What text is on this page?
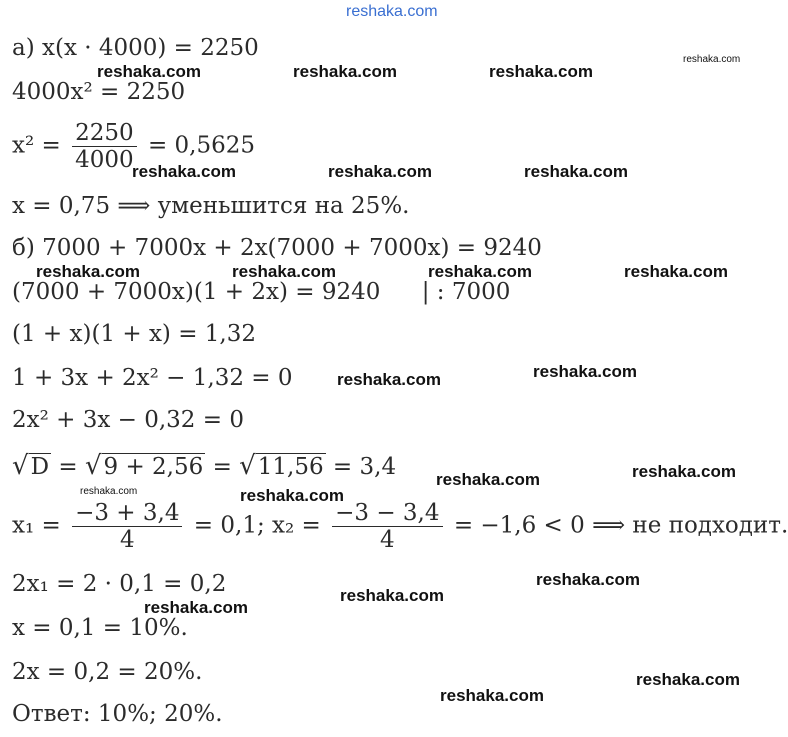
reshaka.com
а) x(x · 4000) = 2250
4000x² = 2250
$x^2 = \frac{2250}{4000} = 0,5625$
x = 0,75 ⟹ уменьшится на 25%.
б) 7000 + 7000x + 2x(7000 + 7000x) = 9240
(7000 + 7000x)(1 + 2x) = 9240 | : 7000
(1 + x)(1 + x) = 1,32
1 + 3x + 2x² − 1,32 = 0
2x² + 3x − 0,32 = 0
√D = √9 + 2,56 = √11,56 = 3,4
$x_1 = \frac{-3 + 3,4}{4} = 0,1$; $x_2 = \frac{-3 - 3,4}{4} = -1,6 < 0$ ⟹ не подходит.
2x₁ = 2 · 0,1 = 0,2
x = 0,1 = 10%.
2x = 0,2 = 20%.
Ответ: 10%; 20%.
reshaka.com
reshaka.com	reshaka.com	reshaka.com
reshaka.com	reshaka.com	reshaka.com
reshaka.com	reshaka.com	reshaka.com	reshaka.com
reshaka.com	reshaka.com
reshaka.com	reshaka.com
reshaka.com	reshaka.com
reshaka.com
reshaka.com
reshaka.com
reshaka.com
reshaka.com
